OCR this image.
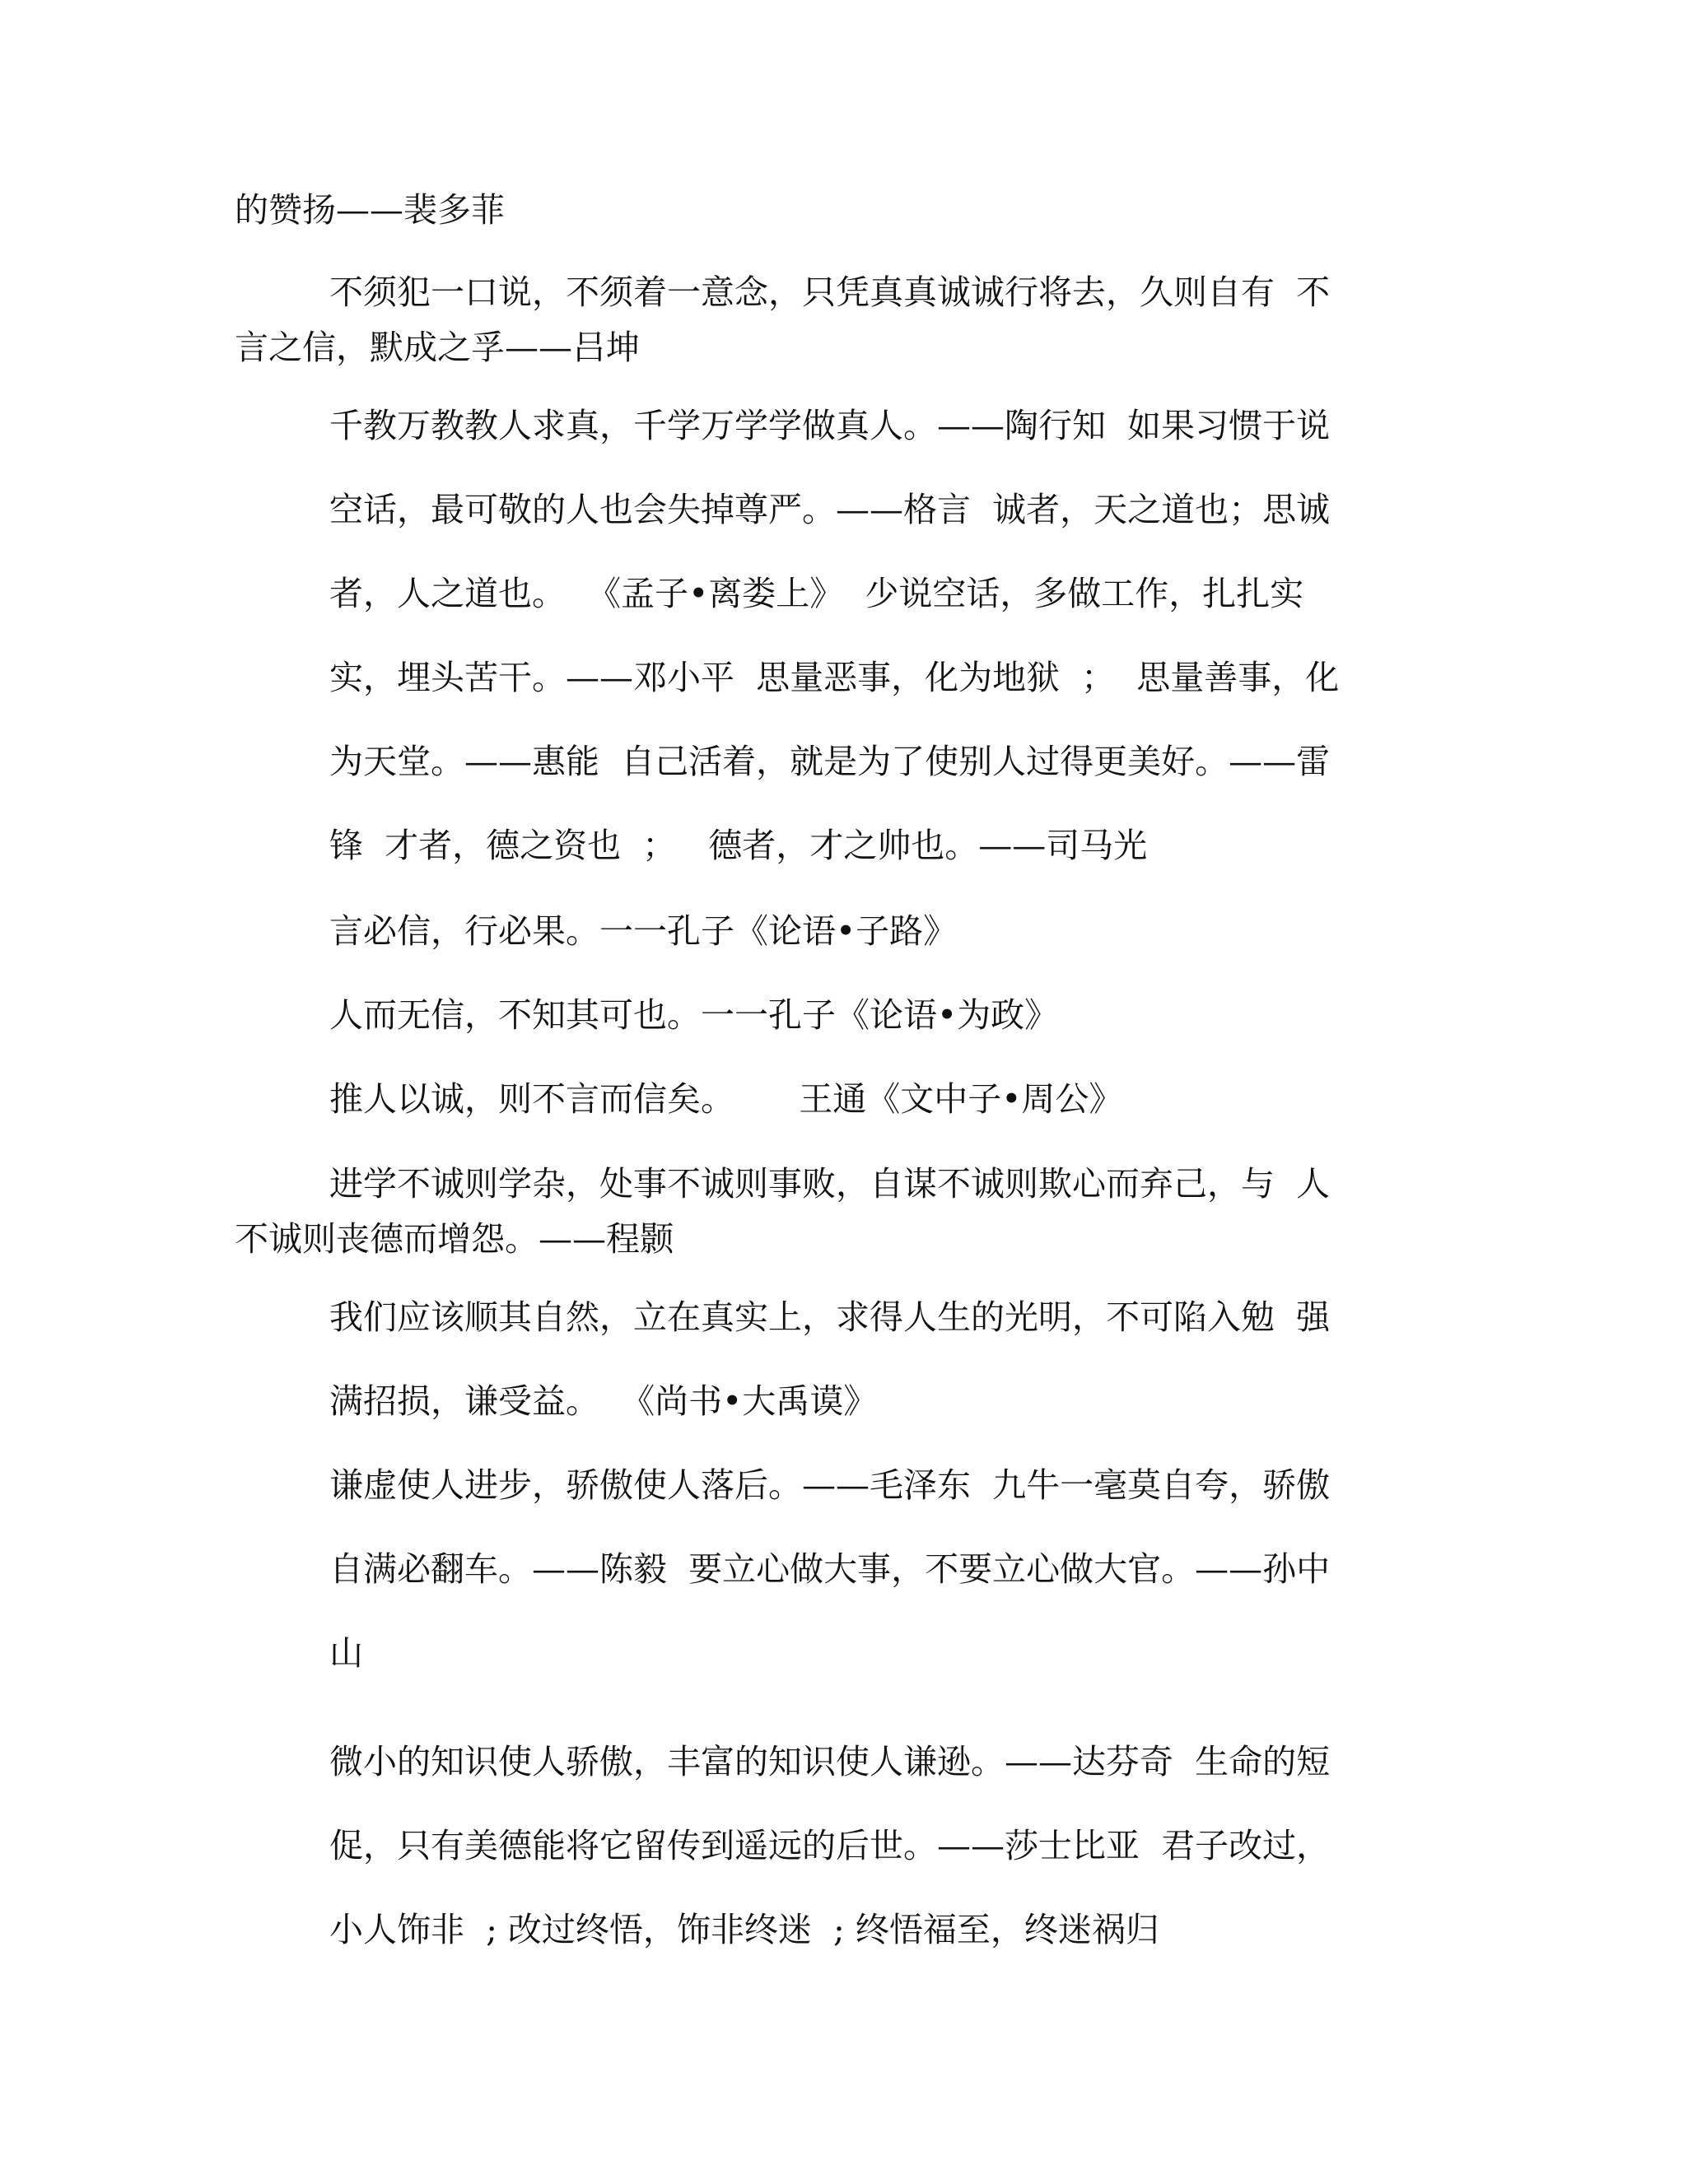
的赞扬——裴多菲
不须犯一口说，不须着一意念，只凭真真诚诚行将去，久则自有  不
言之信，默成之孚——吕坤
千教万教教人求真，千学万学学做真人。——陶行知  如果习惯于说
空话，最可敬的人也会失掉尊严。——格言  诚者，天之道也；思诚
者，人之道也。  《孟子•离娄上》  少说空话，多做工作，扎扎实
实，埋头苦干。——邓小平  思量恶事，化为地狱  ；  思量善事，化
为天堂。——惠能  自己活着，就是为了使别人过得更美好。——雷
锋  才者，德之资也  ；   德者，才之帅也。——司马光
言必信，行必果。一一孔子《论语•子路》
人而无信，不知其可也。一一孔子《论语•为政》
推人以诚，则不言而信矣。      王通《文中子•周公》
进学不诚则学杂，处事不诚则事败，自谋不诚则欺心而弃己，与  人
不诚则丧德而增怨。——程颢
我们应该顺其自然，立在真实上，求得人生的光明，不可陷入勉  强
满招损，谦受益。  《尚书•大禹谟》
谦虚使人进步，骄傲使人落后。——毛泽东  九牛一毫莫自夸，骄傲
自满必翻车。——陈毅  要立心做大事，不要立心做大官。——孙中
山
微小的知识使人骄傲，丰富的知识使人谦逊。——达芬奇  生命的短
促，只有美德能将它留传到遥远的后世。——莎士比亚  君子改过，
小人饰非  ; 改过终悟，饰非终迷  ; 终悟福至，终迷祸归
